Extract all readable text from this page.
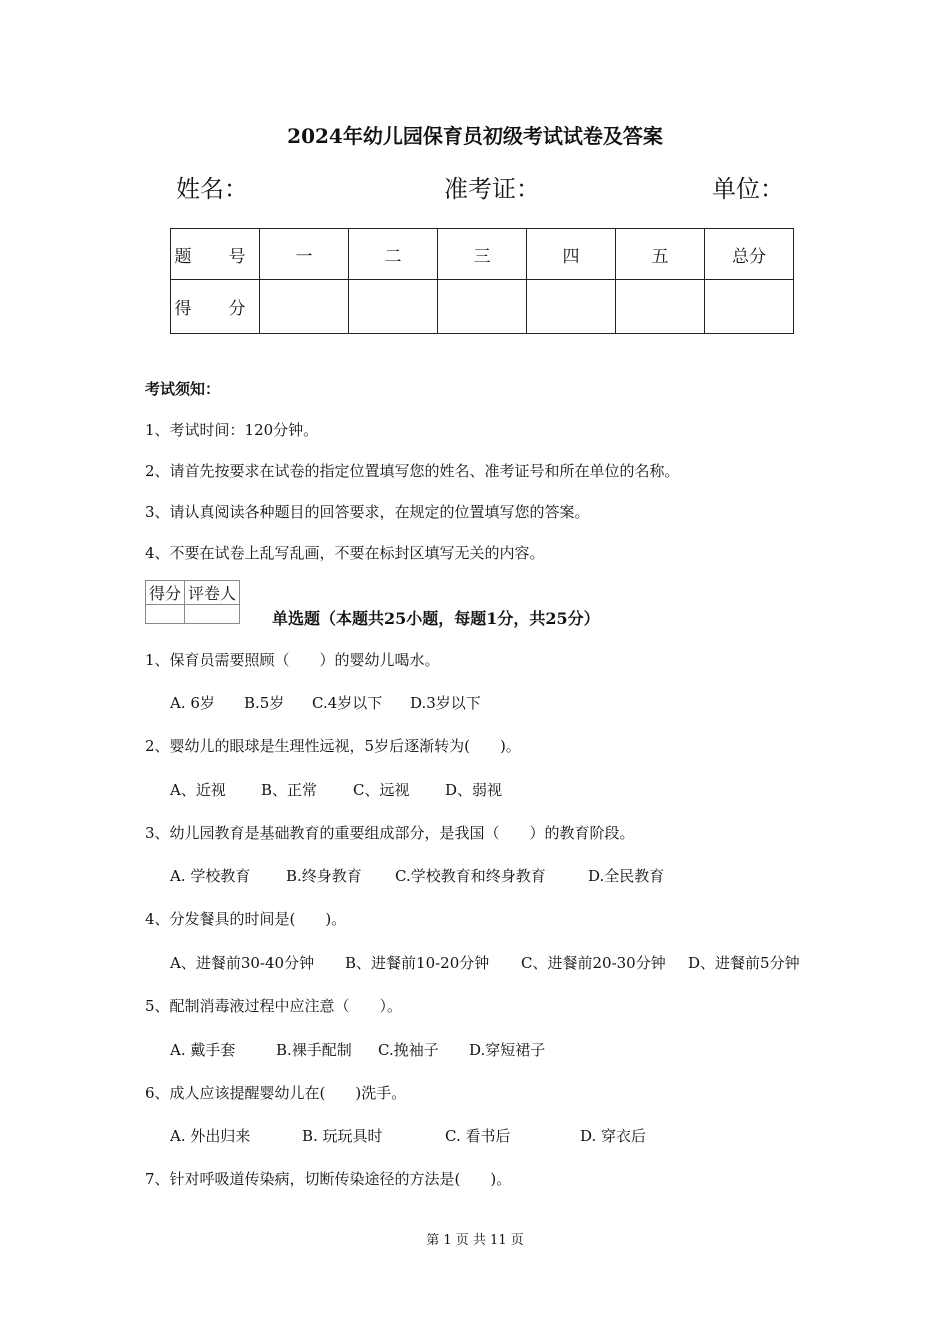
2024年幼儿园保育员初级考试试卷及答案
姓名：	准考证：	单位：
题　号	一	二	三	四	五	总分
得　分						
考试须知：
1、考试时间：120分钟。
2、请首先按要求在试卷的指定位置填写您的姓名、准考证号和所在单位的名称。
3、请认真阅读各种题目的回答要求，在规定的位置填写您的答案。
4、不要在试卷上乱写乱画，不要在标封区填写无关的内容。
得分	评卷人

单选题（本题共25小题，每题1分，共25分）
1、保育员需要照顾（　　）的婴幼儿喝水。
A. 6岁 B.5岁 C.4岁以下 D.3岁以下
2、婴幼儿的眼球是生理性远视，5岁后逐渐转为(　　)。
A、近视 B、正常 C、远视 D、弱视
3、幼儿园教育是基础教育的重要组成部分，是我国（　　）的教育阶段。
A. 学校教育 B.终身教育 C.学校教育和终身教育	D.全民教育
4、分发餐具的时间是(　　)。
A、进餐前30-40分钟 B、进餐前10-20分钟 C、进餐前20-30分钟 D、进餐前5分钟
5、配制消毒液过程中应注意（　　）。
A. 戴手套	B.裸手配制 C.挽袖子 D.穿短裙子
6、成人应该提醒婴幼儿在(　　)洗手。
A. 外出归来	B. 玩玩具时	C. 看书后	D. 穿衣后
7、针对呼吸道传染病，切断传染途径的方法是(　　)。
第 1 页 共 11 页
